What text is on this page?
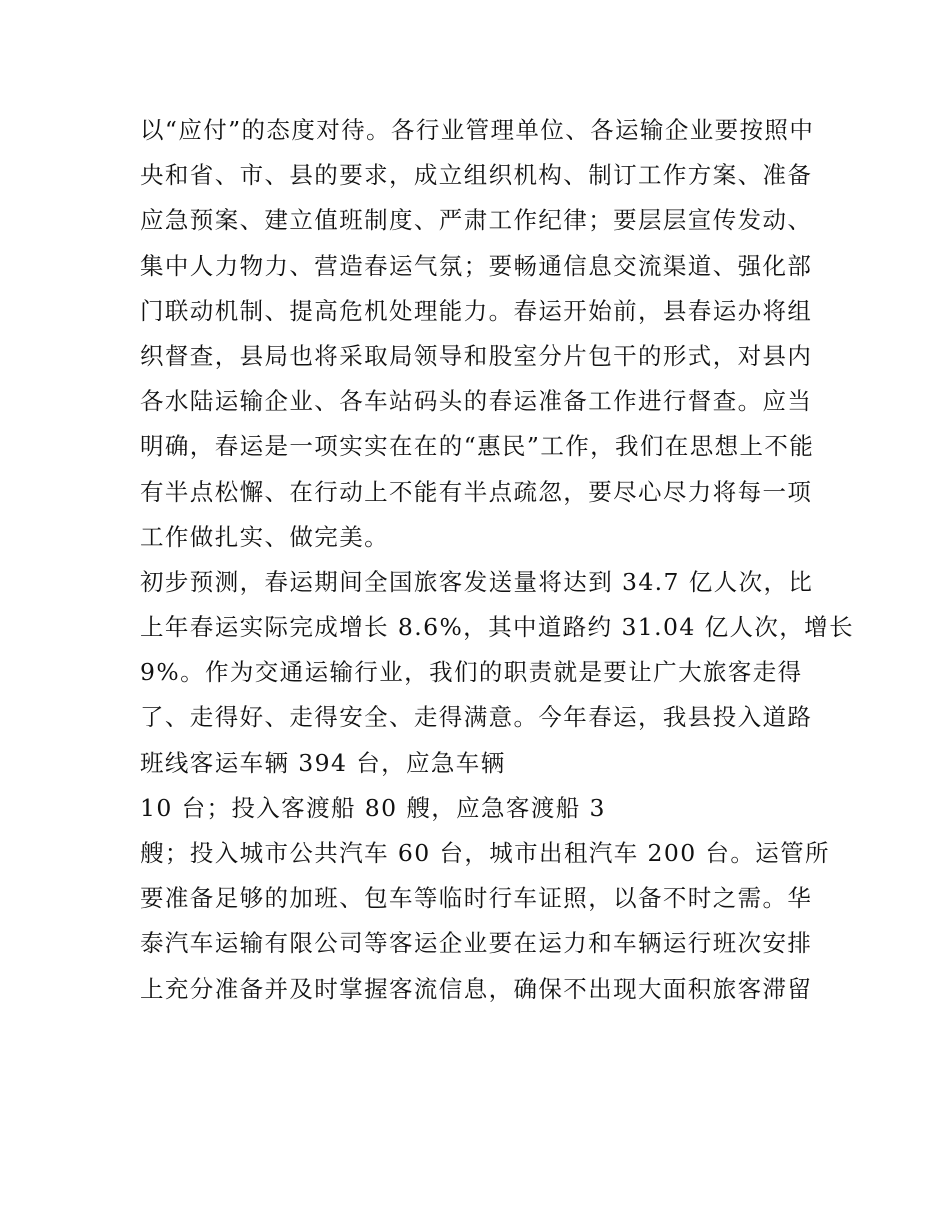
以“应付”的态度对待。各行业管理单位、各运输企业要按照中
央和省、市、县的要求，成立组织机构、制订工作方案、准备
应急预案、建立值班制度、严肃工作纪律；要层层宣传发动、
集中人力物力、营造春运气氛；要畅通信息交流渠道、强化部
门联动机制、提高危机处理能力。春运开始前，县春运办将组
织督查，县局也将采取局领导和股室分片包干的形式，对县内
各水陆运输企业、各车站码头的春运准备工作进行督查。应当
明确，春运是一项实实在在的“惠民”工作，我们在思想上不能
有半点松懈、在行动上不能有半点疏忽，要尽心尽力将每一项
工作做扎实、做完美。
初步预测，春运期间全国旅客发送量将达到 34.7 亿人次，比
上年春运实际完成增长 8.6%，其中道路约 31.04 亿人次，增长
9%。作为交通运输行业，我们的职责就是要让广大旅客走得
了、走得好、走得安全、走得满意。今年春运，我县投入道路
班线客运车辆 394 台，应急车辆
10 台；投入客渡船 80 艘，应急客渡船 3
艘；投入城市公共汽车 60 台，城市出租汽车 200 台。运管所
要准备足够的加班、包车等临时行车证照，以备不时之需。华
泰汽车运输有限公司等客运企业要在运力和车辆运行班次安排
上充分准备并及时掌握客流信息，确保不出现大面积旅客滞留
